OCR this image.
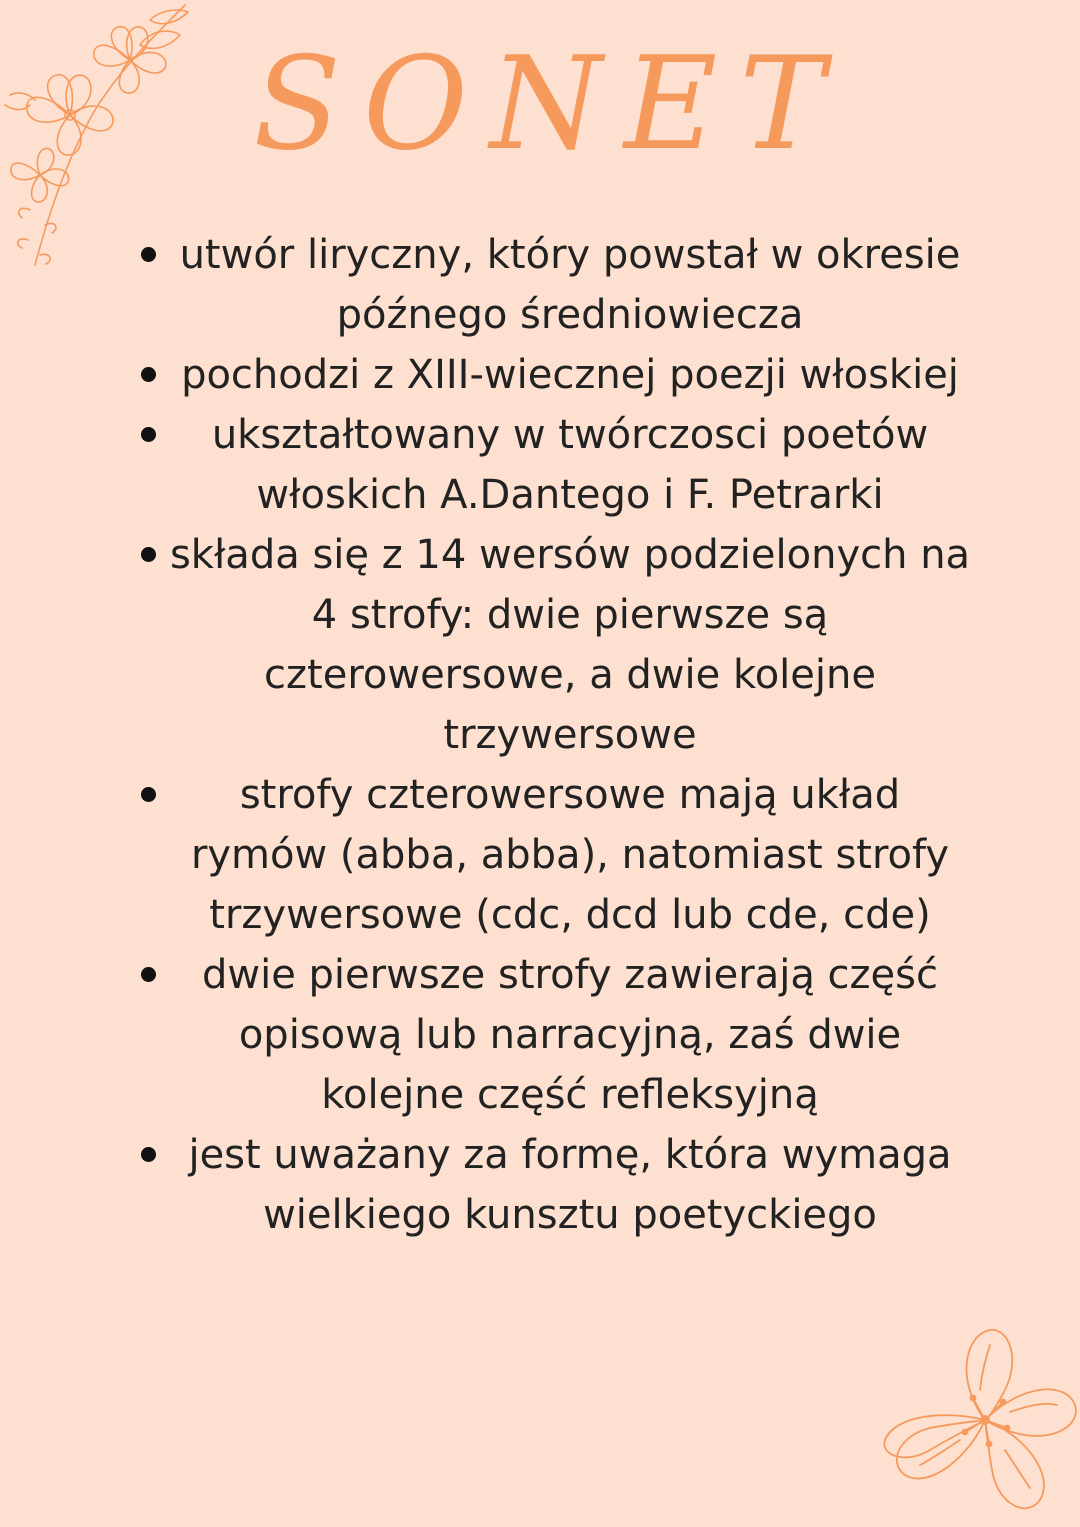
SONET
utwór liryczny, który powstał w okresie
późnego średniowiecza
pochodzi z XIII-wiecznej poezji włoskiej
ukształtowany w twórczosci poetów
włoskich A.Dantego i F. Petrarki
składa się z 14 wersów podzielonych na
4 strofy: dwie pierwsze są
czterowersowe, a dwie kolejne
trzywersowe
strofy czterowersowe mają układ
rymów (abba, abba), natomiast strofy
trzywersowe (cdc, dcd lub cde, cde)
dwie pierwsze strofy zawierają część
opisową lub narracyjną, zaś dwie
kolejne część refleksyjną
jest uważany za formę, która wymaga
wielkiego kunsztu poetyckiego
